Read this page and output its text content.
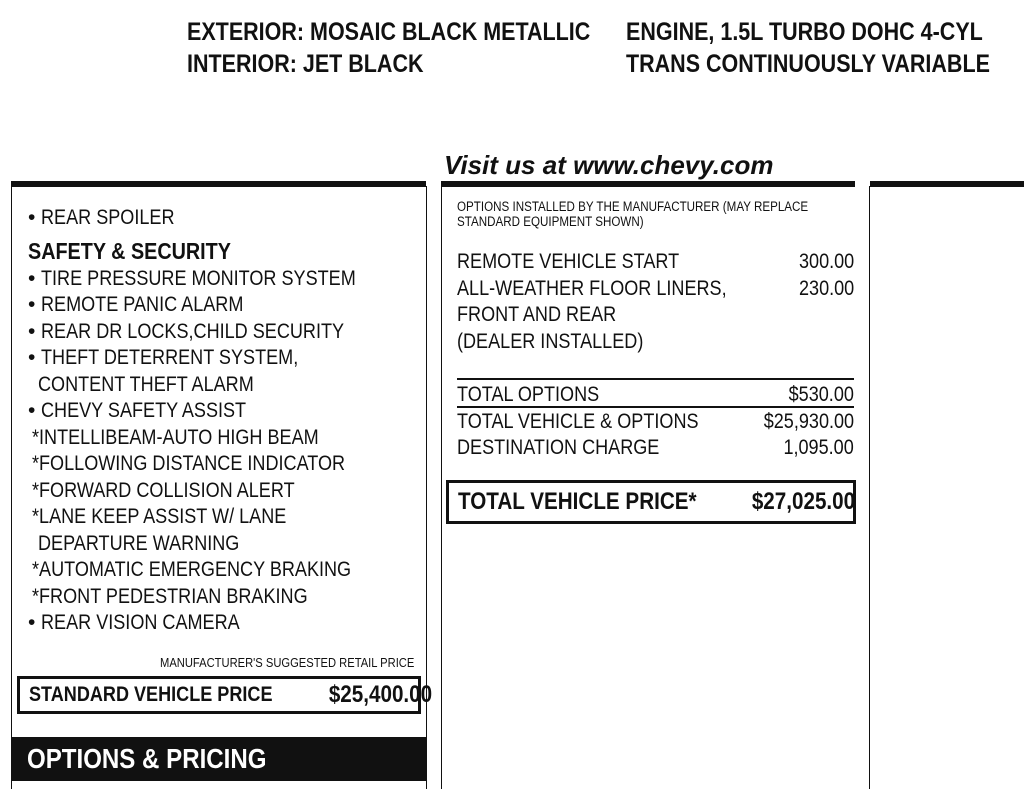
EXTERIOR: MOSAIC BLACK METALLIC
INTERIOR: JET BLACK
ENGINE, 1.5L TURBO DOHC 4-CYL
TRANS CONTINUOUSLY VARIABLE
Visit us at www.chevy.com
• REAR SPOILER
SAFETY & SECURITY
• TIRE PRESSURE MONITOR SYSTEM
• REMOTE PANIC ALARM
• REAR DR LOCKS,CHILD SECURITY
• THEFT DETERRENT SYSTEM,
CONTENT THEFT ALARM
• CHEVY SAFETY ASSIST
*INTELLIBEAM-AUTO HIGH BEAM
*FOLLOWING DISTANCE INDICATOR
*FORWARD COLLISION ALERT
*LANE KEEP ASSIST W/ LANE
DEPARTURE WARNING
*AUTOMATIC EMERGENCY BRAKING
*FRONT PEDESTRIAN BRAKING
• REAR VISION CAMERA
MANUFACTURER'S SUGGESTED RETAIL PRICE
STANDARD VEHICLE PRICE	$25,400.00
OPTIONS & PRICING
OPTIONS INSTALLED BY THE MANUFACTURER (MAY REPLACE
STANDARD EQUIPMENT SHOWN)
REMOTE VEHICLE START	300.00
ALL-WEATHER FLOOR LINERS,	230.00
FRONT AND REAR
(DEALER INSTALLED)
TOTAL OPTIONS	$530.00
TOTAL VEHICLE & OPTIONS	$25,930.00
DESTINATION CHARGE	1,095.00
TOTAL VEHICLE PRICE*	$27,025.00
